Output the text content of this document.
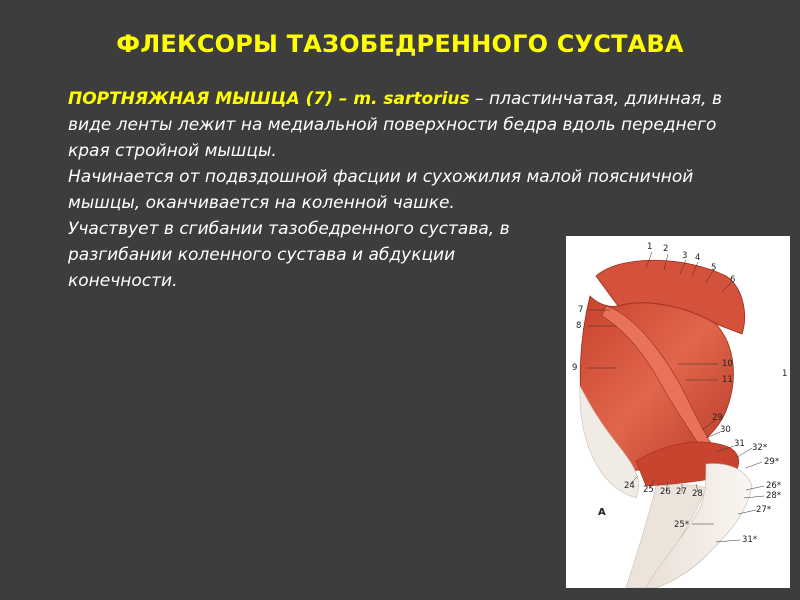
ФЛЕКСОРЫ ТАЗОБЕДРЕННОГО СУСТАВА

ПОРТНЯЖНАЯ МЫШЦА (7) – m. sartorius – пластинчатая, длинная, в виде ленты лежит на медиальной поверхности бедра вдоль переднего края стройной мышцы.

Начинается от подвздошной фасции и сухожилия малой поясничной мышцы, оканчивается на коленной чашке.

Участвует в сгибании тазобедренного сустава, в разгибании коленного сустава и абдукции конечности.

1 2
3 4
5
6
7
8
9	10
11
29
30
31 32*
29*
26*
28*
27*
24 25 26 27 28
25*
31*
1
A
